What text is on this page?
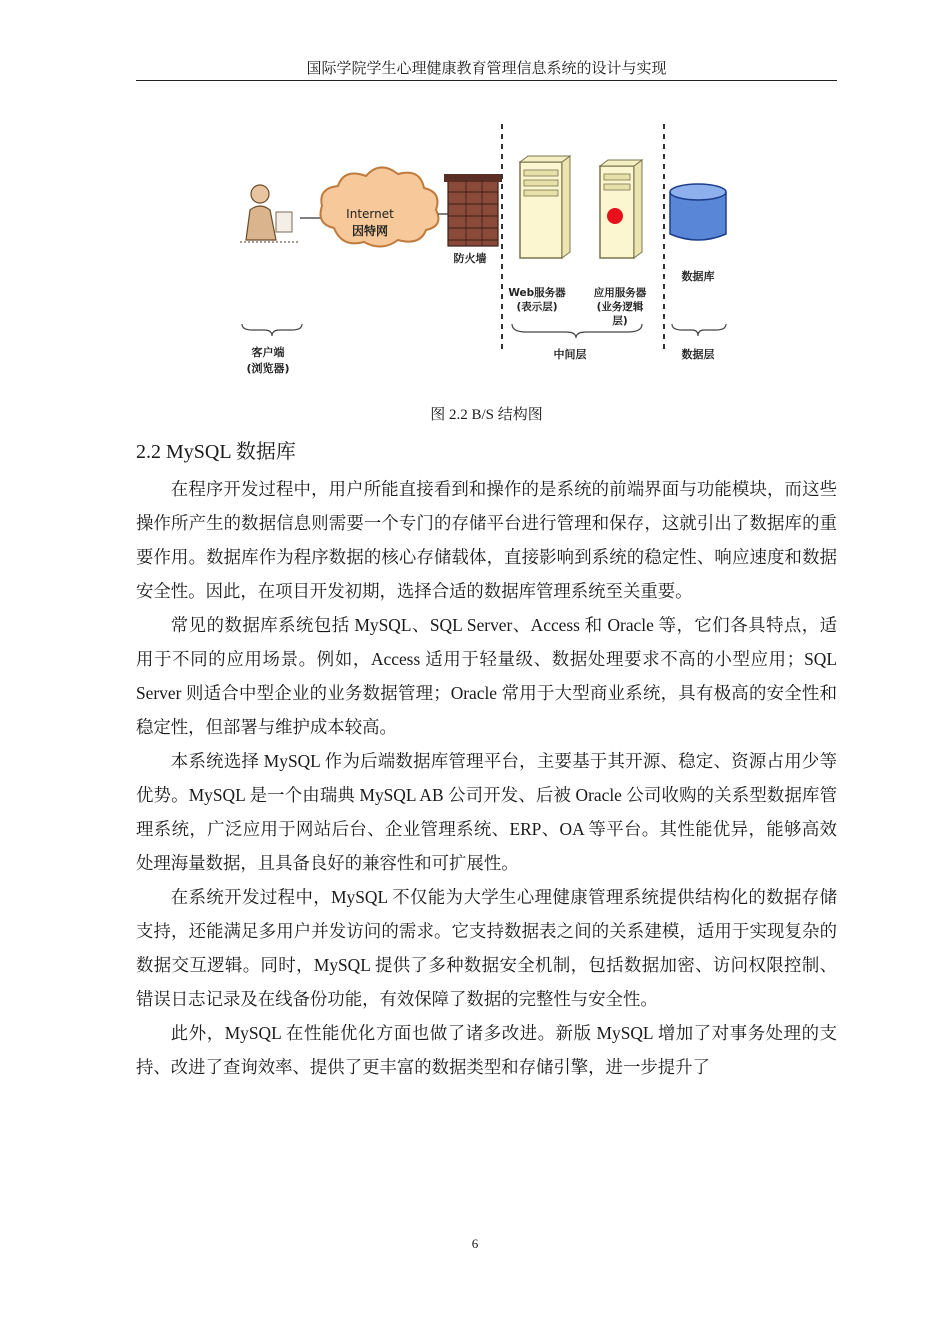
国际学院学生心理健康教育管理信息系统的设计与实现
Internet
因特网
防火墙
Web服务器
(表示层)
应用服务器
(业务逻辑
层)
数据库
客户端
(浏览器)
中间层	数据层
图 2.2 B/S 结构图
2.2 MySQL 数据库

在程序开发过程中，用户所能直接看到和操作的是系统的前端界面与功能模块，而这些操作所产生的数据信息则需要一个专门的存储平台进行管理和保存，这就引出了数据库的重要作用。数据库作为程序数据的核心存储载体，直接影响到系统的稳定性、响应速度和数据安全性。因此，在项目开发初期，选择合适的数据库管理系统至关重要。

常见的数据库系统包括 MySQL、SQL Server、Access 和 Oracle 等，它们各具特点，适用于不同的应用场景。例如，Access 适用于轻量级、数据处理要求不高的小型应用；SQL Server 则适合中型企业的业务数据管理；Oracle 常用于大型商业系统，具有极高的安全性和稳定性，但部署与维护成本较高。

本系统选择 MySQL 作为后端数据库管理平台，主要基于其开源、稳定、资源占用少等优势。MySQL 是一个由瑞典 MySQL AB 公司开发、后被 Oracle 公司收购的关系型数据库管理系统，广泛应用于网站后台、企业管理系统、ERP、OA 等平台。其性能优异，能够高效处理海量数据，且具备良好的兼容性和可扩展性。

在系统开发过程中，MySQL 不仅能为大学生心理健康管理系统提供结构化的数据存储支持，还能满足多用户并发访问的需求。它支持数据表之间的关系建模，适用于实现复杂的数据交互逻辑。同时，MySQL 提供了多种数据安全机制，包括数据加密、访问权限控制、错误日志记录及在线备份功能，有效保障了数据的完整性与安全性。

此外，MySQL 在性能优化方面也做了诸多改进。新版 MySQL 增加了对事务处理的支持、改进了查询效率、提供了更丰富的数据类型和存储引擎，进一步提升了

6
